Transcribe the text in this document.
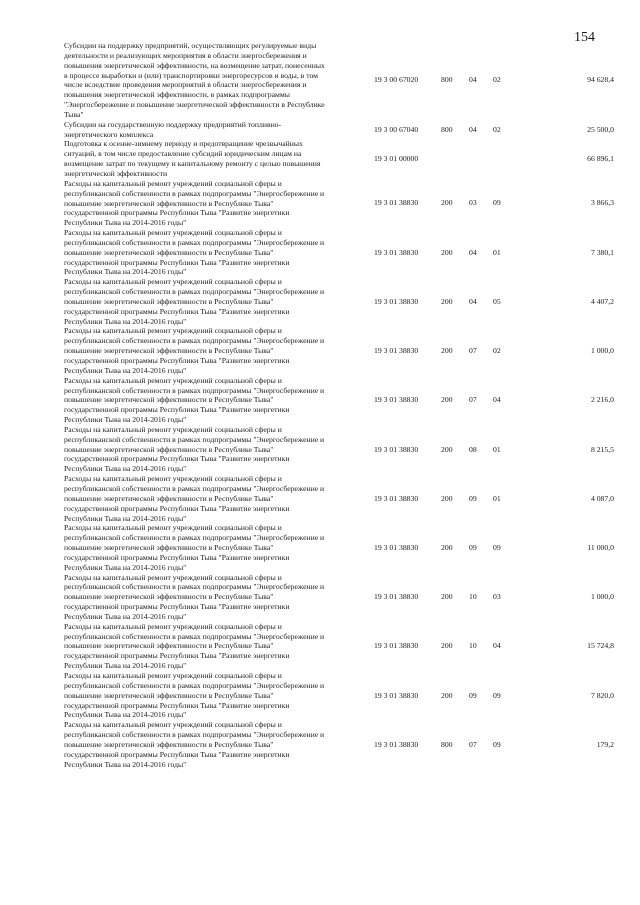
154
Субсидии на поддержку предприятий, осуществляющих регулируемые виды
деятельности и реализующих мероприятия в области энергосбережения и
повышения энергетической эффективности, на возмещение затрат, понесенных
в процессе выработки и (или) транспортировки энергоресурсов и воды, в том
числе вследствие проведения мероприятий в области энергосбережения и
повышения энергетической эффективности, в рамках подпрограммы
"Энергосбережение и повышение энергетической эффективности в Республике
Тыва"
19 3 00 67020	800 04 02	94 628,4
Субсидии на государственную поддержку предприятий топливно-
энергетического комплекса
19 3 00 67040	800 04 02	25 500,0
Подготовка к осенне-зимнему периоду и предотвращение чрезвычайных
ситуаций, в том числе предоставление субсидий юридическим лицам на
возмещение затрат по текущему и капитальному ремонту с целью повышения
энергетической эффективности
19 3 01 00000	66 896,1
Расходы на капитальный ремонт учреждений социальной сферы и
республиканской собственности в рамках подпрограммы "Энергосбережение и
повышение энергетической эффективности в Республике Тыва"
государственной программы Республики Тыва "Развитие энергетики
Республики Тыва на 2014-2016 годы"
19 3 01 38830	200 03 09	3 866,3
Расходы на капитальный ремонт учреждений социальной сферы и
республиканской собственности в рамках подпрограммы "Энергосбережение и
повышение энергетической эффективности в Республике Тыва"
государственной программы Республики Тыва "Развитие энергетики
Республики Тыва на 2014-2016 годы"
19 3 01 38830	200 04 01	7 380,1
Расходы на капитальный ремонт учреждений социальной сферы и
республиканской собственности в рамках подпрограммы "Энергосбережение и
повышение энергетической эффективности в Республике Тыва"
государственной программы Республики Тыва "Развитие энергетики
Республики Тыва на 2014-2016 годы"
19 3 01 38830	200 04 05	4 407,2
Расходы на капитальный ремонт учреждений социальной сферы и
республиканской собственности в рамках подпрограммы "Энергосбережение и
повышение энергетической эффективности в Республике Тыва"
государственной программы Республики Тыва "Развитие энергетики
Республики Тыва на 2014-2016 годы"
19 3 01 38830	200 07 02	1 000,0
Расходы на капитальный ремонт учреждений социальной сферы и
республиканской собственности в рамках подпрограммы "Энергосбережение и
повышение энергетической эффективности в Республике Тыва"
государственной программы Республики Тыва "Развитие энергетики
Республики Тыва на 2014-2016 годы"
19 3 01 38830	200 07 04	2 216,0
Расходы на капитальный ремонт учреждений социальной сферы и
республиканской собственности в рамках подпрограммы "Энергосбережение и
повышение энергетической эффективности в Республике Тыва"
государственной программы Республики Тыва "Развитие энергетики
Республики Тыва на 2014-2016 годы"
19 3 01 38830	200 08 01	8 215,5
Расходы на капитальный ремонт учреждений социальной сферы и
республиканской собственности в рамках подпрограммы "Энергосбережение и
повышение энергетической эффективности в Республике Тыва"
государственной программы Республики Тыва "Развитие энергетики
Республики Тыва на 2014-2016 годы"
19 3 01 38830	200 09 01	4 087,0
Расходы на капитальный ремонт учреждений социальной сферы и
республиканской собственности в рамках подпрограммы "Энергосбережение и
повышение энергетической эффективности в Республике Тыва"
государственной программы Республики Тыва "Развитие энергетики
Республики Тыва на 2014-2016 годы"
19 3 01 38830	200 09 09	11 000,0
Расходы на капитальный ремонт учреждений социальной сферы и
республиканской собственности в рамках подпрограммы "Энергосбережение и
повышение энергетической эффективности в Республике Тыва"
государственной программы Республики Тыва "Развитие энергетики
Республики Тыва на 2014-2016 годы"
19 3 01 38830	200 10 03	1 000,0
Расходы на капитальный ремонт учреждений социальной сферы и
республиканской собственности в рамках подпрограммы "Энергосбережение и
повышение энергетической эффективности в Республике Тыва"
государственной программы Республики Тыва "Развитие энергетики
Республики Тыва на 2014-2016 годы"
19 3 01 38830	200 10 04	15 724,8
Расходы на капитальный ремонт учреждений социальной сферы и
республиканской собственности в рамках подпрограммы "Энергосбережение и
повышение энергетической эффективности в Республике Тыва"
государственной программы Республики Тыва "Развитие энергетики
Республики Тыва на 2014-2016 годы"
19 3 01 38830	200 09 09	7 820,0
Расходы на капитальный ремонт учреждений социальной сферы и
республиканской собственности в рамках подпрограммы "Энергосбережение и
повышение энергетической эффективности в Республике Тыва"
государственной программы Республики Тыва "Развитие энергетики
Республики Тыва на 2014-2016 годы"
19 3 01 38830	800 07 09	179,2
